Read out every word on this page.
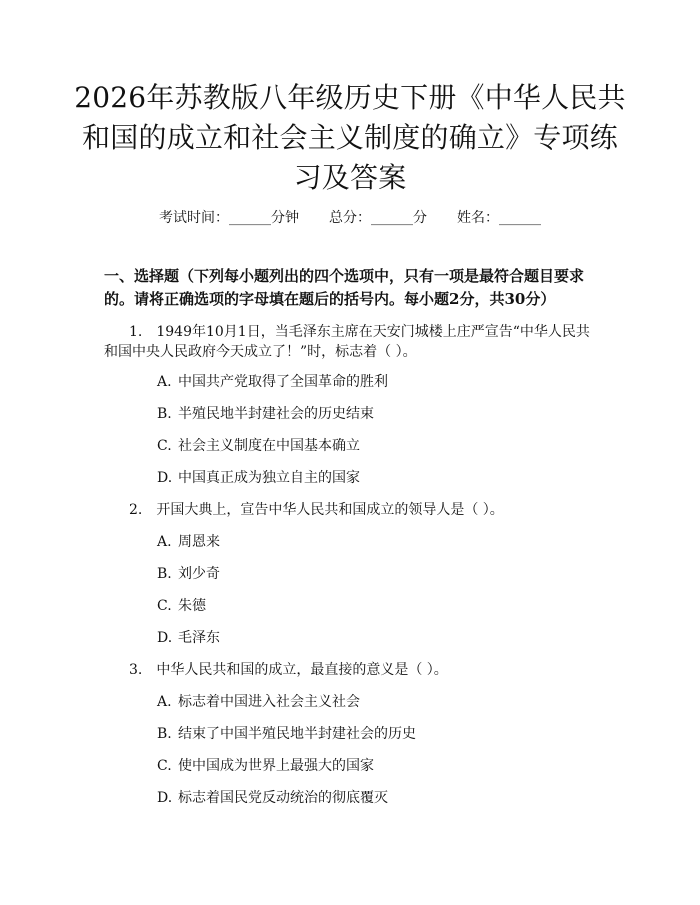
2026年苏教版八年级历史下册《中华人民共和国的成立和社会主义制度的确立》专项练习及答案
考试时间：______分钟 总分：______分 姓名：______
一、选择题（下列每小题列出的四个选项中，只有一项是最符合题目要求的。请将正确选项的字母填在题后的括号内。每小题2分，共30分）
1.　1949年10月1日，当毛泽东主席在天安门城楼上庄严宣告“中华人民共和国中央人民政府今天成立了！”时，标志着（ ）。
A. 中国共产党取得了全国革命的胜利
B. 半殖民地半封建社会的历史结束
C. 社会主义制度在中国基本确立
D. 中国真正成为独立自主的国家
2.　开国大典上，宣告中华人民共和国成立的领导人是（ ）。
A. 周恩来
B. 刘少奇
C. 朱德
D. 毛泽东
3.　中华人民共和国的成立，最直接的意义是（ ）。
A. 标志着中国进入社会主义社会
B. 结束了中国半殖民地半封建社会的历史
C. 使中国成为世界上最强大的国家
D. 标志着国民党反动统治的彻底覆灭
